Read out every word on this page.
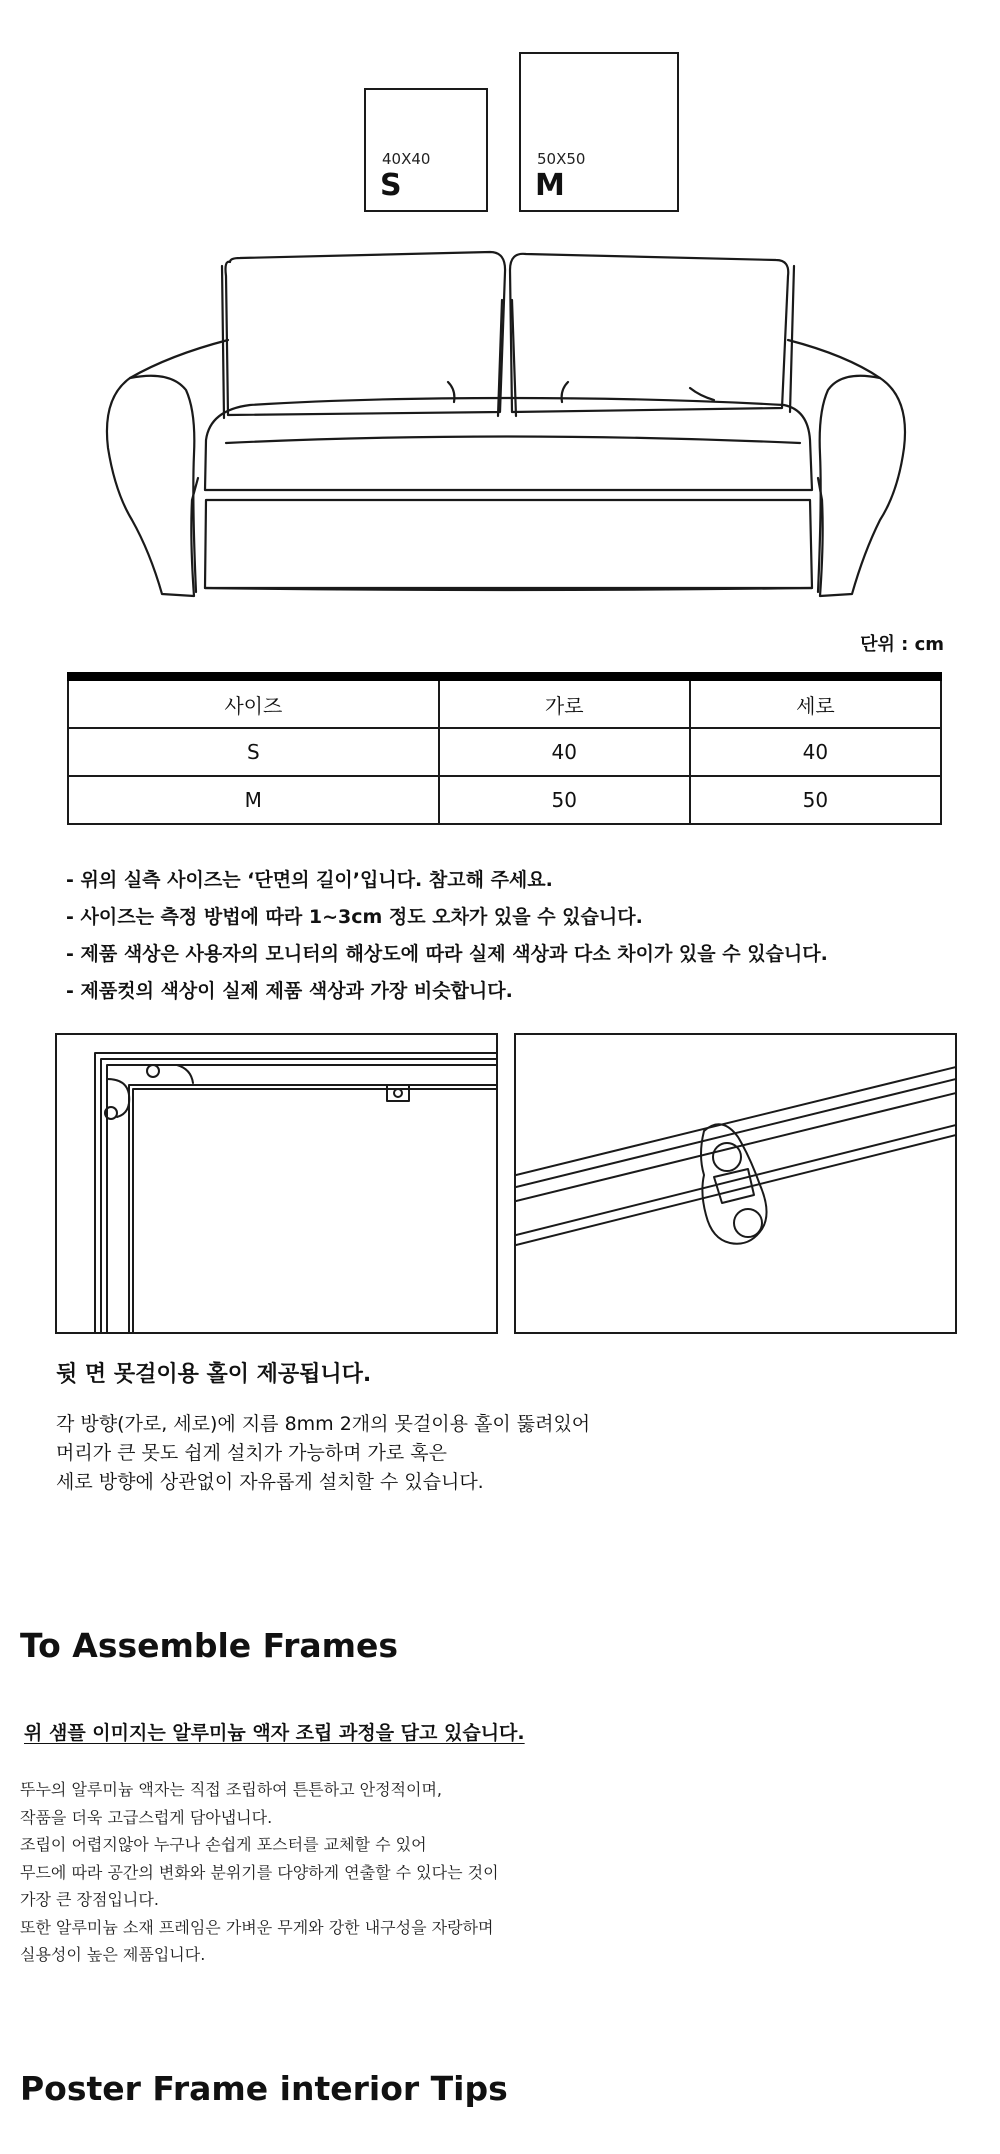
40X40
S
50X50
M
단위 : cm
사이즈	가로	세로
S	40	40
M	50	50
- 위의 실측 사이즈는 ‘단면의 길이’입니다. 참고해 주세요.
- 사이즈는 측정 방법에 따라 1~3cm 정도 오차가 있을 수 있습니다.
- 제품 색상은 사용자의 모니터의 해상도에 따라 실제 색상과 다소 차이가 있을 수 있습니다.
- 제품컷의 색상이 실제 제품 색상과 가장 비슷합니다.
뒷 면 못걸이용 홀이 제공됩니다.

각 방향(가로, 세로)에 지름 8mm 2개의 못걸이용 홀이 뚫려있어
머리가 큰 못도 쉽게 설치가 가능하며 가로 혹은
세로 방향에 상관없이 자유롭게 설치할 수 있습니다.

To Assemble Frames
위 샘플 이미지는 알루미늄 액자 조립 과정을 담고 있습니다.

뚜누의 알루미늄 액자는 직접 조립하여 튼튼하고 안정적이며,
작품을 더욱 고급스럽게 담아냅니다.
조립이 어렵지않아 누구나 손쉽게 포스터를 교체할 수 있어
무드에 따라 공간의 변화와 분위기를 다양하게 연출할 수 있다는 것이
가장 큰 장점입니다.
또한 알루미늄 소재 프레임은 가벼운 무게와 강한 내구성을 자랑하며
실용성이 높은 제품입니다.

Poster Frame interior Tips
